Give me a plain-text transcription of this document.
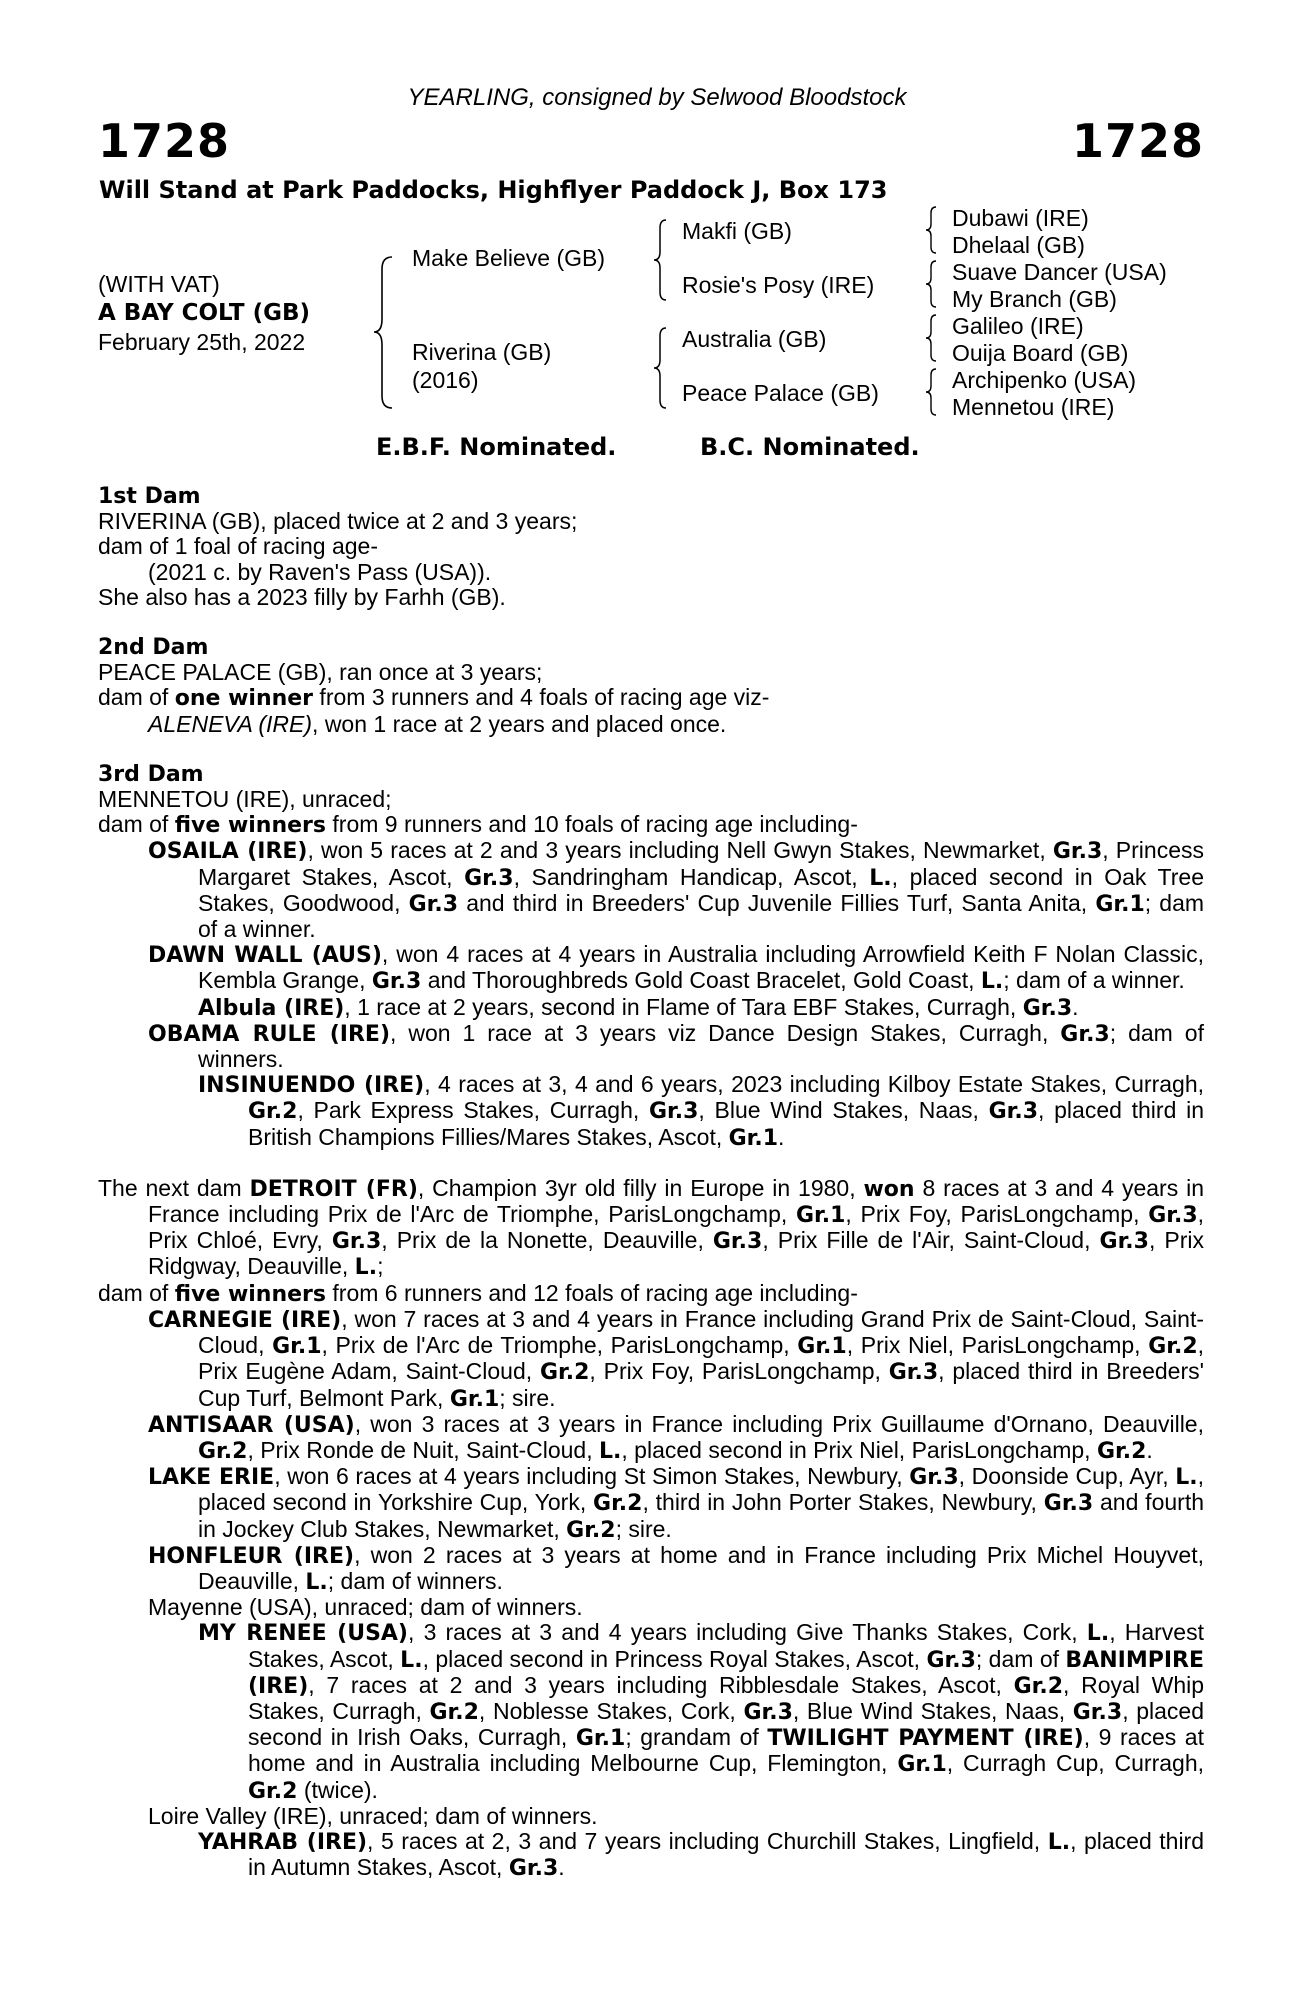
YEARLING, consigned by Selwood Bloodstock
1728	1728
Will Stand at Park Paddocks, Highflyer Paddock J, Box 173
(WITH VAT)
A BAY COLT (GB)
February 25th, 2022
Make Believe (GB)
Riverina (GB)
(2016)
Makfi (GB)
Rosie's Posy (IRE)
Australia (GB)
Peace Palace (GB)
Dubawi (IRE)
Dhelaal (GB)
Suave Dancer (USA)
My Branch (GB)
Galileo (IRE)
Ouija Board (GB)
Archipenko (USA)
Mennetou (IRE)
E.B.F. Nominated.	B.C. Nominated.
1st Dam
RIVERINA (GB), placed twice at 2 and 3 years;
dam of 1 foal of racing age-
(2021 c. by Raven's Pass (USA)).
She also has a 2023 filly by Farhh (GB).
2nd Dam
PEACE PALACE (GB), ran once at 3 years;
dam of one winner from 3 runners and 4 foals of racing age viz-
ALENEVA (IRE), won 1 race at 2 years and placed once.
3rd Dam
MENNETOU (IRE), unraced;
dam of five winners from 9 runners and 10 foals of racing age including-
OSAILA (IRE), won 5 races at 2 and 3 years including Nell Gwyn Stakes, Newmarket, Gr.3, Princess Margaret Stakes, Ascot, Gr.3, Sandringham Handicap, Ascot, L., placed second in Oak Tree Stakes, Goodwood, Gr.3 and third in Breeders' Cup Juvenile Fillies Turf, Santa Anita, Gr.1; dam of a winner.
DAWN WALL (AUS), won 4 races at 4 years in Australia including Arrowfield Keith F Nolan Classic, Kembla Grange, Gr.3 and Thoroughbreds Gold Coast Bracelet, Gold Coast, L.; dam of a winner.
Albula (IRE), 1 race at 2 years, second in Flame of Tara EBF Stakes, Curragh, Gr.3.
OBAMA RULE (IRE), won 1 race at 3 years viz Dance Design Stakes, Curragh, Gr.3; dam of winners.
INSINUENDO (IRE), 4 races at 3, 4 and 6 years, 2023 including Kilboy Estate Stakes, Curragh, Gr.2, Park Express Stakes, Curragh, Gr.3, Blue Wind Stakes, Naas, Gr.3, placed third in British Champions Fillies/Mares Stakes, Ascot, Gr.1.
The next dam DETROIT (FR), Champion 3yr old filly in Europe in 1980, won 8 races at 3 and 4 years in France including Prix de l'Arc de Triomphe, ParisLongchamp, Gr.1, Prix Foy, ParisLongchamp, Gr.3, Prix Chloé, Evry, Gr.3, Prix de la Nonette, Deauville, Gr.3, Prix Fille de l'Air, Saint-Cloud, Gr.3, Prix Ridgway, Deauville, L.;
dam of five winners from 6 runners and 12 foals of racing age including-
CARNEGIE (IRE), won 7 races at 3 and 4 years in France including Grand Prix de Saint-Cloud, Saint-Cloud, Gr.1, Prix de l'Arc de Triomphe, ParisLongchamp, Gr.1, Prix Niel, ParisLongchamp, Gr.2, Prix Eugène Adam, Saint-Cloud, Gr.2, Prix Foy, ParisLongchamp, Gr.3, placed third in Breeders' Cup Turf, Belmont Park, Gr.1; sire.
ANTISAAR (USA), won 3 races at 3 years in France including Prix Guillaume d'Ornano, Deauville, Gr.2, Prix Ronde de Nuit, Saint-Cloud, L., placed second in Prix Niel, ParisLongchamp, Gr.2.
LAKE ERIE, won 6 races at 4 years including St Simon Stakes, Newbury, Gr.3, Doonside Cup, Ayr, L., placed second in Yorkshire Cup, York, Gr.2, third in John Porter Stakes, Newbury, Gr.3 and fourth in Jockey Club Stakes, Newmarket, Gr.2; sire.
HONFLEUR (IRE), won 2 races at 3 years at home and in France including Prix Michel Houyvet, Deauville, L.; dam of winners.
Mayenne (USA), unraced; dam of winners.
MY RENEE (USA), 3 races at 3 and 4 years including Give Thanks Stakes, Cork, L., Harvest Stakes, Ascot, L., placed second in Princess Royal Stakes, Ascot, Gr.3; dam of BANIMPIRE (IRE), 7 races at 2 and 3 years including Ribblesdale Stakes, Ascot, Gr.2, Royal Whip Stakes, Curragh, Gr.2, Noblesse Stakes, Cork, Gr.3, Blue Wind Stakes, Naas, Gr.3, placed second in Irish Oaks, Curragh, Gr.1; grandam of TWILIGHT PAYMENT (IRE), 9 races at home and in Australia including Melbourne Cup, Flemington, Gr.1, Curragh Cup, Curragh, Gr.2 (twice).
Loire Valley (IRE), unraced; dam of winners.
YAHRAB (IRE), 5 races at 2, 3 and 7 years including Churchill Stakes, Lingfield, L., placed third in Autumn Stakes, Ascot, Gr.3.
